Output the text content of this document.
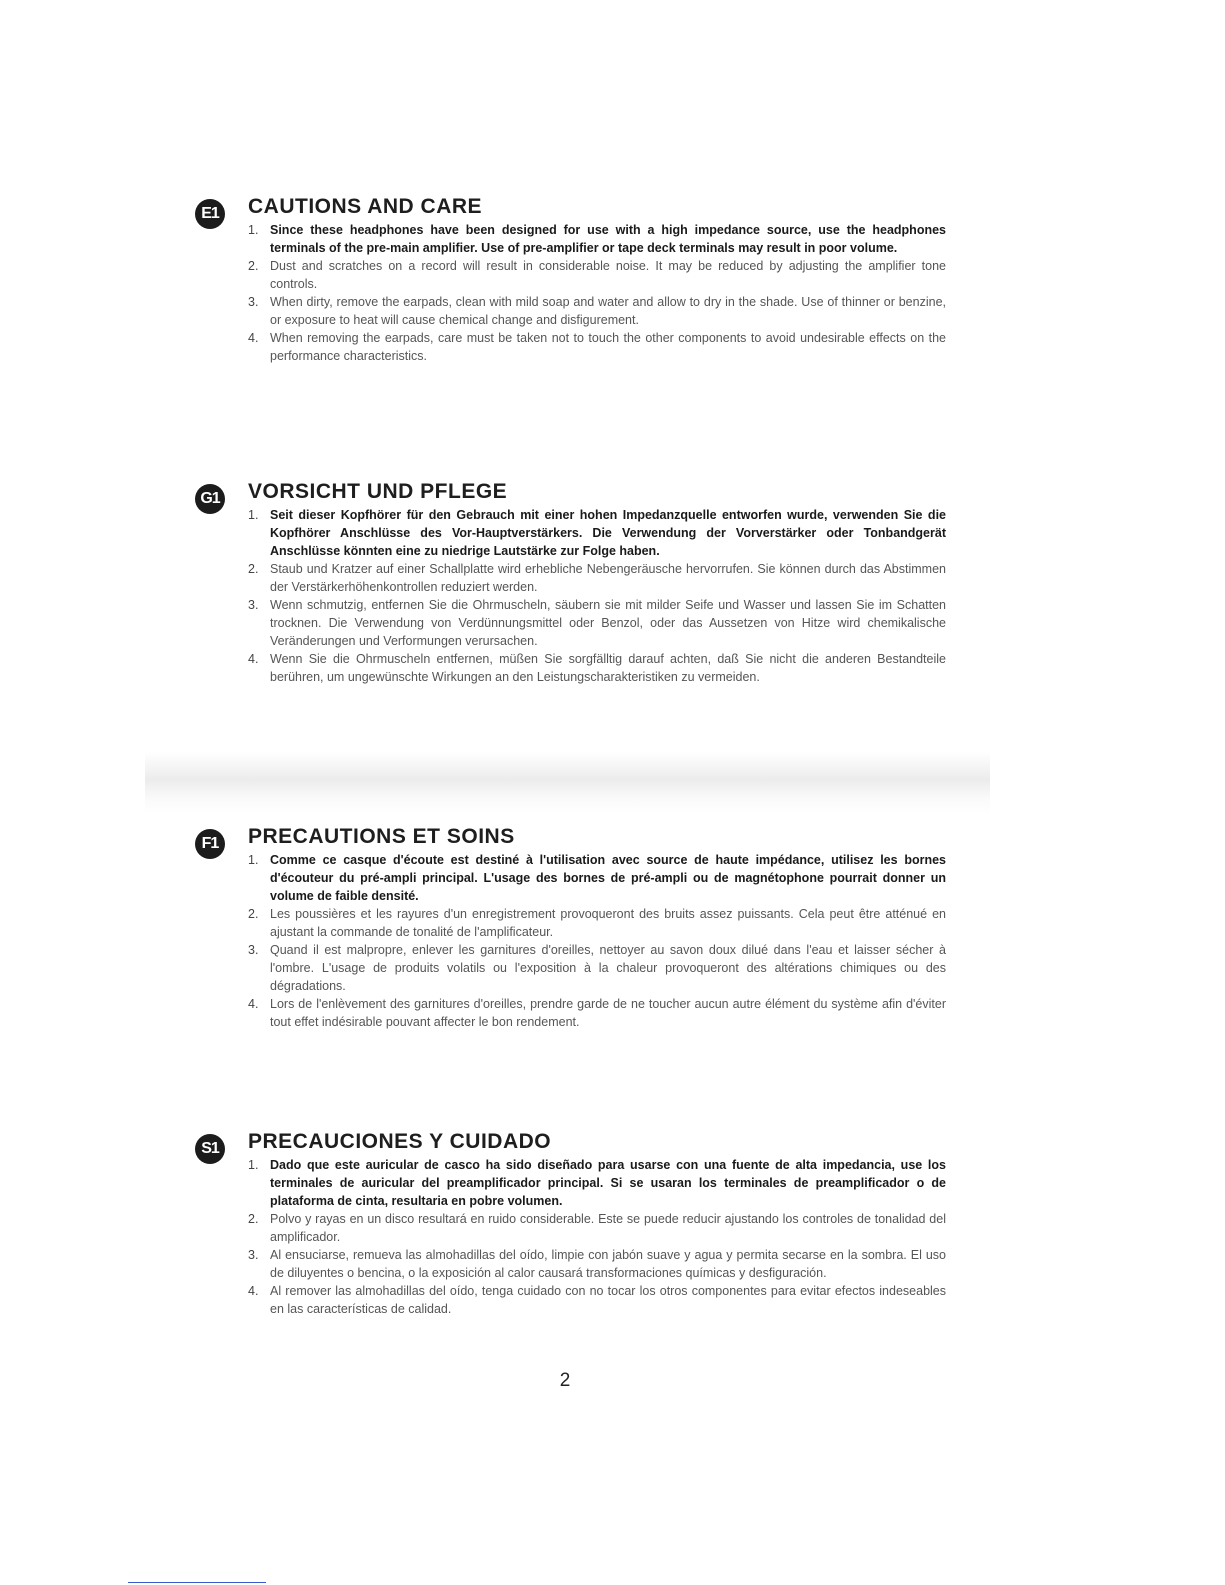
E1 CAUTIONS AND CARE
1. Since these headphones have been designed for use with a high impedance source, use the headphones terminals of the pre-main amplifier. Use of pre-amplifier or tape deck terminals may result in poor volume.
2. Dust and scratches on a record will result in considerable noise. It may be reduced by adjusting the amplifier tone controls.
3. When dirty, remove the earpads, clean with mild soap and water and allow to dry in the shade. Use of thinner or benzine, or exposure to heat will cause chemical change and disfigurement.
4. When removing the earpads, care must be taken not to touch the other components to avoid undesirable effects on the performance characteristics.
G1 VORSICHT UND PFLEGE
1. Seit dieser Kopfhörer für den Gebrauch mit einer hohen Impedanzquelle entworfen wurde, verwenden Sie die Kopfhörer Anschlüsse des Vor-Hauptverstärkers. Die Verwendung der Vorverstärker oder Tonbandgerät Anschlüsse könnten eine zu niedrige Lautstärke zur Folge haben.
2. Staub und Kratzer auf einer Schallplatte wird erhebliche Nebengeräusche hervorrufen. Sie können durch das Abstimmen der Verstärkerhöhenkontrollen reduziert werden.
3. Wenn schmutzig, entfernen Sie die Ohrmuscheln, säubern sie mit milder Seife und Wasser und lassen Sie im Schatten trocknen. Die Verwendung von Verdünnungsmittel oder Benzol, oder das Aussetzen von Hitze wird chemikalische Veränderungen und Verformungen verursachen.
4. Wenn Sie die Ohrmuscheln entfernen, müßen Sie sorgfälltig darauf achten, daß Sie nicht die anderen Bestandteile berühren, um ungewünschte Wirkungen an den Leistungscharakteristiken zu vermeiden.
F1	PRECAUTIONS ET SOINS
1. Comme ce casque d'écoute est destiné à l'utilisation avec source de haute impédance, utilisez les bornes d'écouteur du pré-ampli principal. L'usage des bornes de pré-ampli ou de magnétophone pourrait donner un volume de faible densité.
2. Les poussières et les rayures d'un enregistrement provoqueront des bruits assez puissants. Cela peut être atténué en ajustant la commande de tonalité de l'amplificateur.
3. Quand il est malpropre, enlever les garnitures d'oreilles, nettoyer au savon doux dilué dans l'eau et laisser sécher à l'ombre. L'usage de produits volatils ou l'exposition à la chaleur provoqueront des altérations chimiques ou des dégradations.
4. Lors de l'enlèvement des garnitures d'oreilles, prendre garde de ne toucher aucun autre élément du système afin d'éviter tout effet indésirable pouvant affecter le bon rendement.
S1 PRECAUCIONES Y CUIDADO
1. Dado que este auricular de casco ha sido diseñado para usarse con una fuente de alta impedancia, use los terminales de auricular del preamplificador principal. Si se usaran los terminales de preamplificador o de plataforma de cinta, resultaria en pobre volumen.
2. Polvo y rayas en un disco resultará en ruido considerable. Este se puede reducir ajustando los controles de tonalidad del amplificador.
3. Al ensuciarse, remueva las almohadillas del oído, limpie con jabón suave y agua y permita secarse en la sombra. El uso de diluyentes o bencina, o la exposición al calor causará transformaciones químicas y desfiguración.
4. Al remover las almohadillas del oído, tenga cuidado con no tocar los otros componentes para evitar efectos indeseables en las características de calidad.
2
